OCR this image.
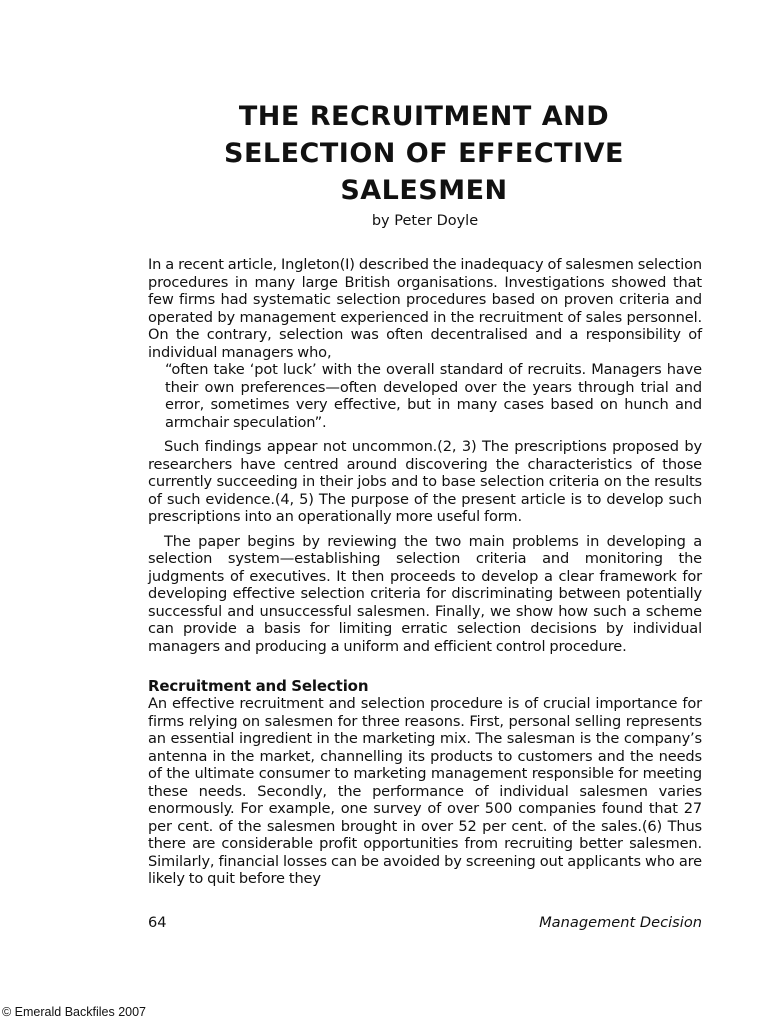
THE RECRUITMENT AND
SELECTION OF EFFECTIVE
SALESMEN

by Peter Doyle

In a recent article, Ingleton(I) described the inadequacy of salesmen selection procedures in many large British organisations. Investigations showed that few firms had systematic selection procedures based on proven criteria and operated by management experienced in the recruitment of sales personnel. On the contrary, selection was often decentralised and a responsibility of individual managers who,

“often take ‘pot luck’ with the overall standard of recruits. Managers have their own preferences—often developed over the years through trial and error, sometimes very effective, but in many cases based on hunch and armchair speculation”.

Such findings appear not uncommon.(2, 3) The prescriptions proposed by researchers have centred around discovering the characteristics of those currently succeeding in their jobs and to base selection criteria on the results of such evidence.(4, 5) The purpose of the present article is to develop such prescriptions into an operationally more useful form.

The paper begins by reviewing the two main problems in developing a selection system—establishing selection criteria and monitoring the judgments of executives. It then proceeds to develop a clear framework for developing effective selection criteria for discriminating between potentially successful and unsuccessful salesmen. Finally, we show how such a scheme can provide a basis for limiting erratic selection decisions by individual managers and producing a uniform and efficient control procedure.

Recruitment and Selection

An effective recruitment and selection procedure is of crucial importance for firms relying on salesmen for three reasons. First, personal selling represents an essential ingredient in the marketing mix. The salesman is the company’s antenna in the market, channelling its products to customers and the needs of the ultimate consumer to marketing management responsible for meeting these needs. Secondly, the performance of individual salesmen varies enormously. For example, one survey of over 500 companies found that 27 per cent. of the salesmen brought in over 52 per cent. of the sales.(6) Thus there are considerable profit opportunities from recruiting better salesmen. Similarly, financial losses can be avoided by screening out applicants who are likely to quit before they

64	Management Decision
© Emerald Backfiles 2007
